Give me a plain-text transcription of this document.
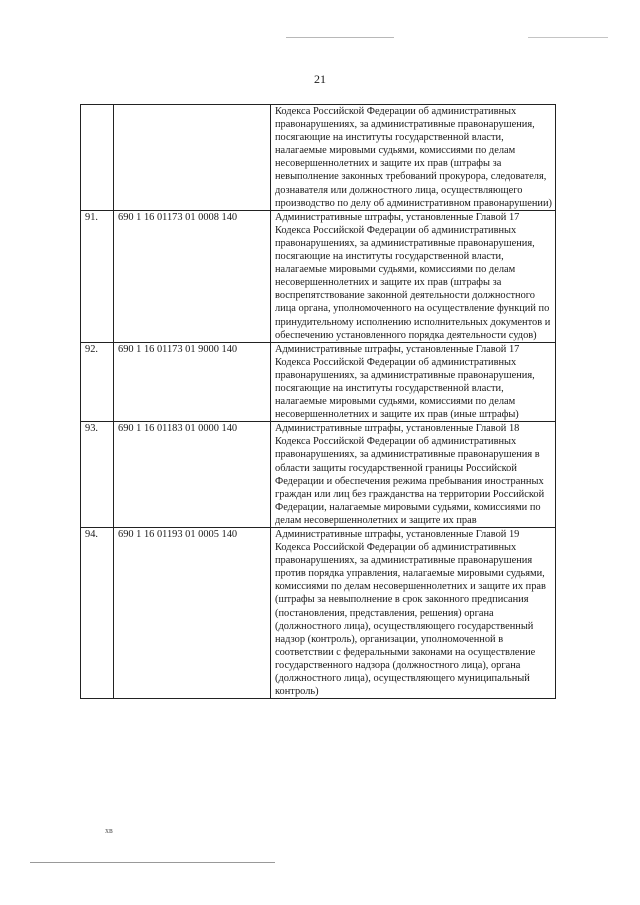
21
		Кодекса Российской Федерации об административных правонарушениях, за административные правонарушения, посягающие на институты государственной власти, налагаемые мировыми судьями, комиссиями по делам несовершеннолетних и защите их прав (штрафы за невыполнение законных требований прокурора, следователя, дознавателя или должностного лица, осуществляющего производство по делу об административном правонарушении)
91.	690 1 16 01173 01 0008 140	Административные штрафы, установленные Главой 17 Кодекса Российской Федерации об административных правонарушениях, за административные правонарушения, посягающие на институты государственной власти, налагаемые мировыми судьями, комиссиями по делам несовершеннолетних и защите их прав (штрафы за воспрепятствование законной деятельности должностного лица органа, уполномоченного на осуществление функций по принудительному исполнению исполнительных документов и обеспечению установленного порядка деятельности судов)
92.	690 1 16 01173 01 9000 140	Административные штрафы, установленные Главой 17 Кодекса Российской Федерации об административных правонарушениях, за административные правонарушения, посягающие на институты государственной власти, налагаемые мировыми судьями, комиссиями по делам несовершеннолетних и защите их прав (иные штрафы)
93.	690 1 16 01183 01 0000 140	Административные штрафы, установленные Главой 18 Кодекса Российской Федерации об административных правонарушениях, за административные правонарушения в области защиты государственной границы Российской Федерации и обеспечения режима пребывания иностранных граждан или лиц без гражданства на территории Российской Федерации, налагаемые мировыми судьями, комиссиями по делам несовершеннолетних и защите их прав
94.	690 1 16 01193 01 0005 140	Административные штрафы, установленные Главой 19 Кодекса Российской Федерации об административных правонарушениях, за административные правонарушения против порядка управления, налагаемые мировыми судьями, комиссиями по делам несовершеннолетних и защите их прав (штрафы за невыполнение в срок законного предписания (постановления, представления, решения) органа (должностного лица), осуществляющего государственный надзор (контроль), организации, уполномоченной в соответствии с федеральными законами на осуществление государственного надзора (должностного лица), органа (должностного лица), осуществляющего муниципальный контроль)
хв
